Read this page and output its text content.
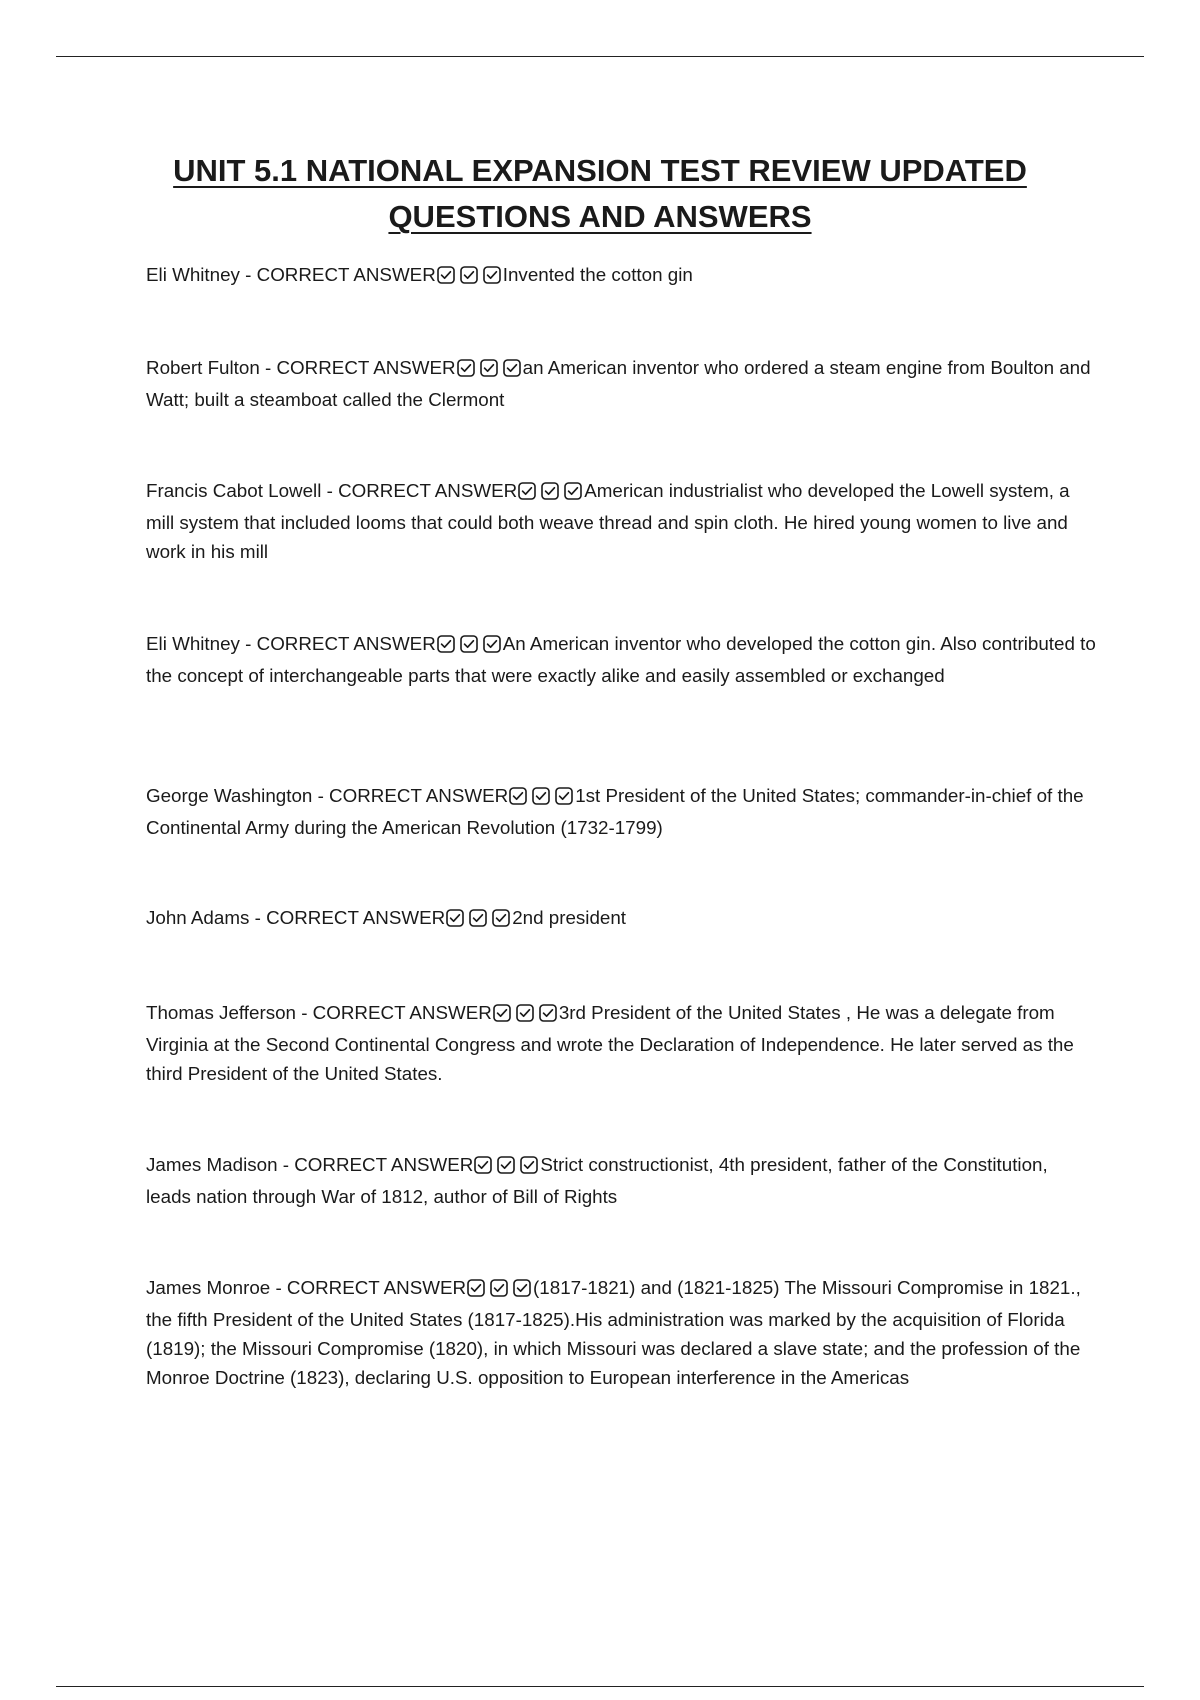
UNIT 5.1 NATIONAL EXPANSION TEST REVIEW UPDATED QUESTIONS AND ANSWERS
Eli Whitney - CORRECT ANSWER	Invented the cotton gin
Robert Fulton - CORRECT ANSWER	an American inventor who ordered a steam engine from Boulton and Watt; built a steamboat called the Clermont
Francis Cabot Lowell - CORRECT ANSWER	American industrialist who developed the Lowell system, a mill system that included looms that could both weave thread and spin cloth. He hired young women to live and work in his mill
Eli Whitney - CORRECT ANSWER	An American inventor who developed the cotton gin. Also contributed to the concept of interchangeable parts that were exactly alike and easily assembled or exchanged
George Washington - CORRECT ANSWER	1st President of the United States; commander-in-chief of the Continental Army during the American Revolution (1732-1799)
John Adams - CORRECT ANSWER	2nd president
Thomas Jefferson - CORRECT ANSWER	3rd President of the United States , He was a delegate from Virginia at the Second Continental Congress and wrote the Declaration of Independence. He later served as the third President of the United States.
James Madison - CORRECT ANSWER	Strict constructionist, 4th president, father of the Constitution, leads nation through War of 1812, author of Bill of Rights
James Monroe - CORRECT ANSWER	(1817-1821) and (1821-1825) The Missouri Compromise in 1821., the fifth President of the United States (1817-1825).His administration was marked by the acquisition of Florida (1819); the Missouri Compromise (1820), in which Missouri was declared a slave state; and the profession of the Monroe Doctrine (1823), declaring U.S. opposition to European interference in the Americas
